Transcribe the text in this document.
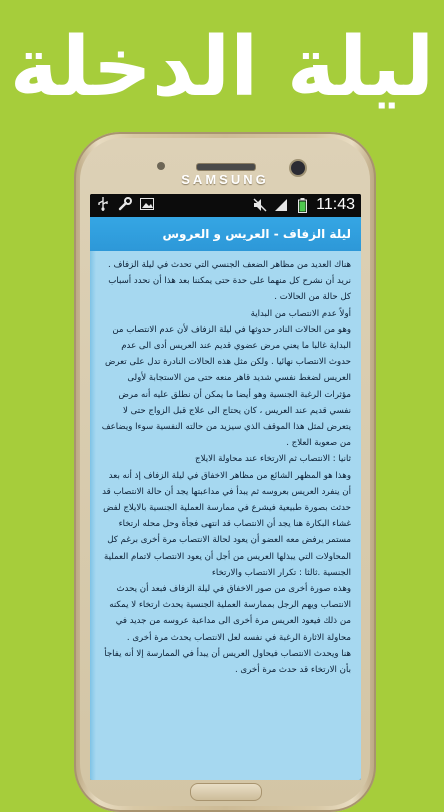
ليلة الدخلة
SAMSUNG
11:43
ليلة الزفاف - العريس و العروس
هناك العديد من مظاهر الضعف الجنسي التي تحدث في ليلة الزفاف .
نريد أن نشرح كل منهما على حدة حتى يمكننا بعد هذا أن نحدد أسباب
كل حالة من الحالات .
أولاً عدم الانتصاب من البداية
وهو من الحالات النادر حدوثها في ليلة الزفاف لأن عدم الانتصاب من
البداية غالبا ما يعني مرض عضوي قديم عند العريس أدى الى عدم
حدوث الانتصاب نهائيا . ولكن مثل هذه الحالات النادرة تدل على تعرض
العريس لضغط نفسي شديد قاهر منعه حتى من الاستجابة لأولى
مؤثرات الرغبة الجنسية وهو أيضا ما يمكن أن نطلق عليه أنه مرض
نفسي قديم عند العريس ، كان يحتاج الى علاج قبل الزواج حتى لا
يتعرض لمثل هذا الموقف الذي سيزيد من حالته النفسية سوءا ويضاعف
من صعوبة العلاج .
ثانيا : الانتصاب ثم الارتخاء عند محاولة الايلاج
وهذا هو المظهر الشائع من مظاهر الاخفاق في ليلة الزفاف إذ أنه بعد
أن ينفرد العريس بعروسه ثم يبدأ في مداعبتها يجد أن حالة الانتصاب قد
حدثت بصورة طبيعية فيشرع في ممارسة العملية الجنسية بالايلاج لفض
غشاء البكارة هنا يجد أن الانتصاب قد انتهى فجأة وحل محله ارتخاء
مستمر يرفض معه العضو أن يعود لحالة الانتصاب مرة أخرى برغم كل
المحاولات التي يبذلها العريس من أجل أن يعود الانتصاب لاتمام العملية
الجنسية .ثالثا : تكرار الانتصاب والارتخاء
وهذه صورة أخرى من صور الاخفاق في ليلة الزفاف فبعد أن يحدث
الانتصاب ويهم الرجل بممارسة العملية الجنسية يحدث ارتخاء لا يمكنه
من ذلك فيعود العريس مرة أخرى الى مداعبة عروسه من جديد في
محاولة الاثارة الرغبة في نفسه لعل الانتصاب يحدث مرة أخرى .
هنا ويحدث الانتصاب فيحاول العريس أن يبدأ في الممارسة إلا أنه يفاجأ
بأن الارتخاء قد حدث مرة أخرى .
